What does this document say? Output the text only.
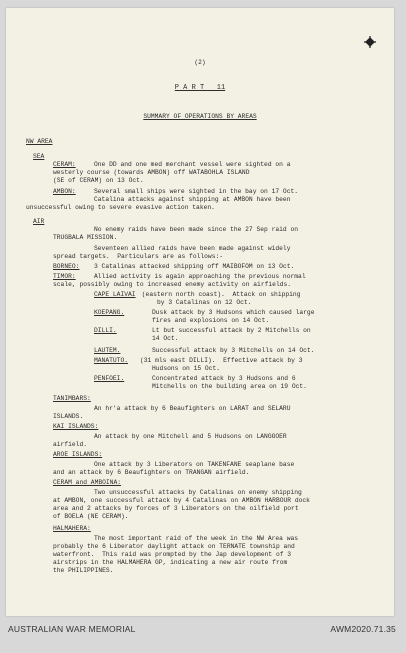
(2)
P A R T   11
SUMMARY OF OPERATIONS BY AREAS
NW AREA
SEA
CERAM:	One DD and one med merchant vessel were sighted on a
westerly course (towards AMBON) off WATABOHLA ISLAND
(SE of CERAM) on 13 Oct.
AMBON:	Several small ships were sighted in the bay on 17 Oct.
Catalina attacks against shipping at AMBON have been
unsuccessful owing to severe evasive action taken.
AIR
No enemy raids have been made since the 27 Sep raid on
TRUGBALA MISSION.
Seventeen allied raids have been made against widely
spread targets.  Particulars are as follows:-
BORNEO: 3 Catalinas attacked shipping off MAIBOFOM on 13 Oct.
TIMOR:	Allied activity is again approaching the previous normal
scale, possibly owing to increased enemy activity on airfields.
CAPE LAIVAI (eastern north coast).  Attack on shipping
by 3 Catalinas on 12 Oct.
KOEPANG.	Dusk attack by 3 Hudsons which caused large
fires and explosions on 14 Oct.
DILLI.	Lt but successful attack by 2 Mitchells on
14 Oct.
LAUTEM.	Successful attack by 3 Mitchells on 14 Oct.
MANATUTO. (31 mls east DILLI).  Effective attack by 3
Hudsons on 15 Oct.
PENFOEI.	Concentrated attack by 3 Hudsons and 6
Mitchells on the building area on 19 Oct.
TANIMBARS:
An hr'a attack by 6 Beaufighters on LARAT and SELARU
ISLANDS.
KAI ISLANDS:
An attack by one Mitchell and 5 Hudsons on LANGGOER
airfield.
AROE ISLANDS:
One attack by 3 Liberators on TAKENFANE seaplane base
and an attack by 6 Beaufighters on TRANGAN airfield.
CERAM and AMBOINA:
Two unsuccessful attacks by Catalinas on enemy shipping
at AMBON, one successful attack by 4 Catalinas on AMBON HARBOUR dock
area and 2 attacks by forces of 3 Liberators on the oilfield port
of BOELA (NE CERAM).
HALMAHERA:
The most important raid of the week in the NW Area was
probably the 6 Liberator daylight attack on TERNATE township and
waterfront.  This raid was prompted by the Jap development of 3
airstrips in the HALMAHERA GP, indicating a new air route from
the PHILIPPINES.
AUSTRALIAN WAR MEMORIAL	AWM2020.71.35
